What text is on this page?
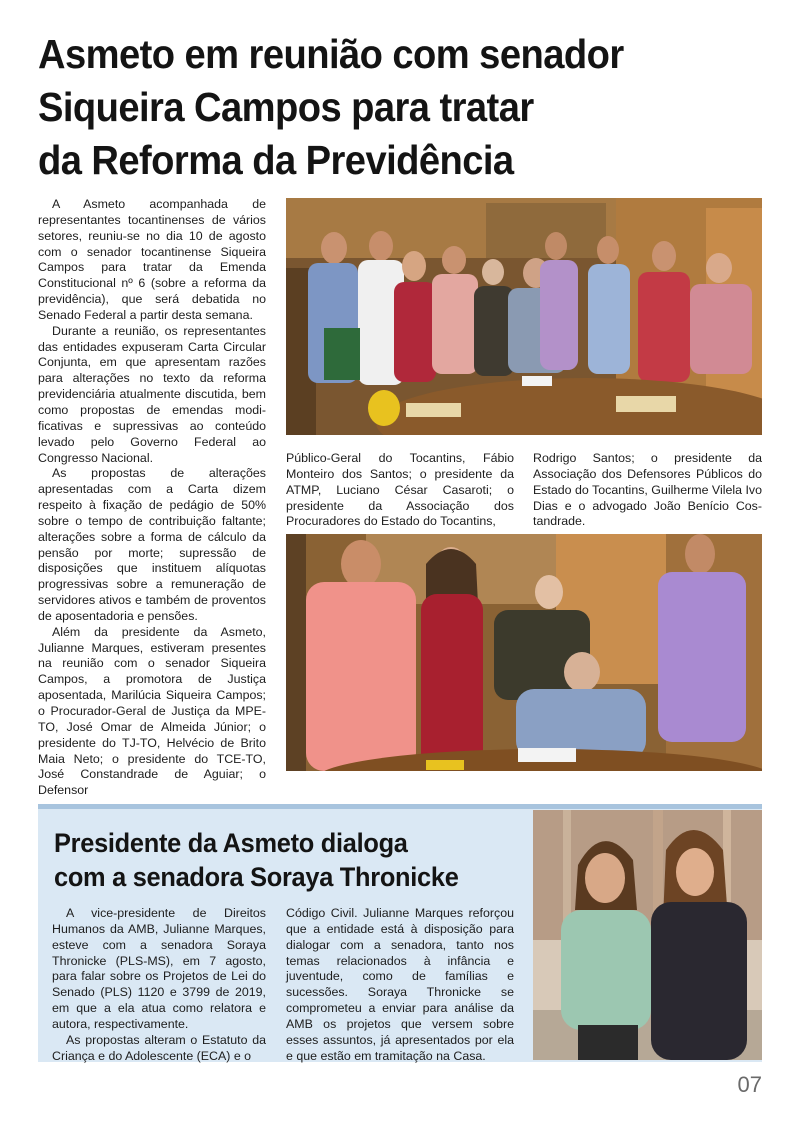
Asmeto em reunião com senador
Siqueira Campos para tratar
da Reforma da Previdência

A Asmeto acompanhada de representantes tocantinenses de vários setores, reuniu-se no dia 10 de agosto com o senador tocantinense Siqueira Campos para tratar da Emenda Constitucional nº 6 (sobre a reforma da previdência), que será debatida no Senado Federal a partir desta semana.

Durante a reunião, os representantes das entidades expuseram Carta Circular Conjunta, em que apresentam razões para alterações no texto da reforma previdenciária atualmente discutida, bem como propostas de emendas modi-ficativas e supressivas ao conteúdo levado pelo Governo Federal ao Congresso Nacional.

As propostas de alterações apresentadas com a Carta dizem respeito à fixação de pedágio de 50% sobre o tempo de contribuição faltante; alterações sobre a forma de cálculo da pensão por morte; supressão de disposições que instituem alíquotas progressivas sobre a remuneração de servidores ativos e também de proventos de aposentadoria e pensões.

Além da presidente da Asmeto, Julianne Marques, estiveram presentes na reunião com o senador Siqueira Campos, a promotora de Justiça aposentada, Marilúcia Siqueira Campos; o Procurador-Geral de Justiça da MPE-TO, José Omar de Almeida Júnior; o presidente do TJ-TO, Helvécio de Brito Maia Neto; o presidente do TCE-TO, José Constandrade de Aguiar; o Defensor

Público-Geral do Tocantins, Fábio Monteiro dos Santos; o presidente da ATMP, Luciano César Casaroti; o presidente da Associação dos Procuradores do Estado do Tocantins,

Rodrigo Santos; o presidente da Associação dos Defensores Públicos do Estado do Tocantins, Guilherme Vilela Ivo Dias e o advogado João Benício Cos-tandrade.

Presidente da Asmeto dialoga
com a senadora Soraya Thronicke

A vice-presidente de Direitos Humanos da AMB, Julianne Marques, esteve com a senadora Soraya Thronicke (PLS-MS), em 7 agosto, para falar sobre os Projetos de Lei do Senado (PLS) 1120 e 3799 de 2019, em que a ela atua como relatora e autora, respectivamente.

As propostas alteram o Estatuto da Criança e do Adolescente (ECA) e o

Código Civil. Julianne Marques reforçou que a entidade está à disposição para dialogar com a senadora, tanto nos temas relacionados à infância e juventude, como de famílias e sucessões. Soraya Thronicke se comprometeu a enviar para análise da AMB os projetos que versem sobre esses assuntos, já apresentados por ela e que estão em tramitação na Casa.

07
